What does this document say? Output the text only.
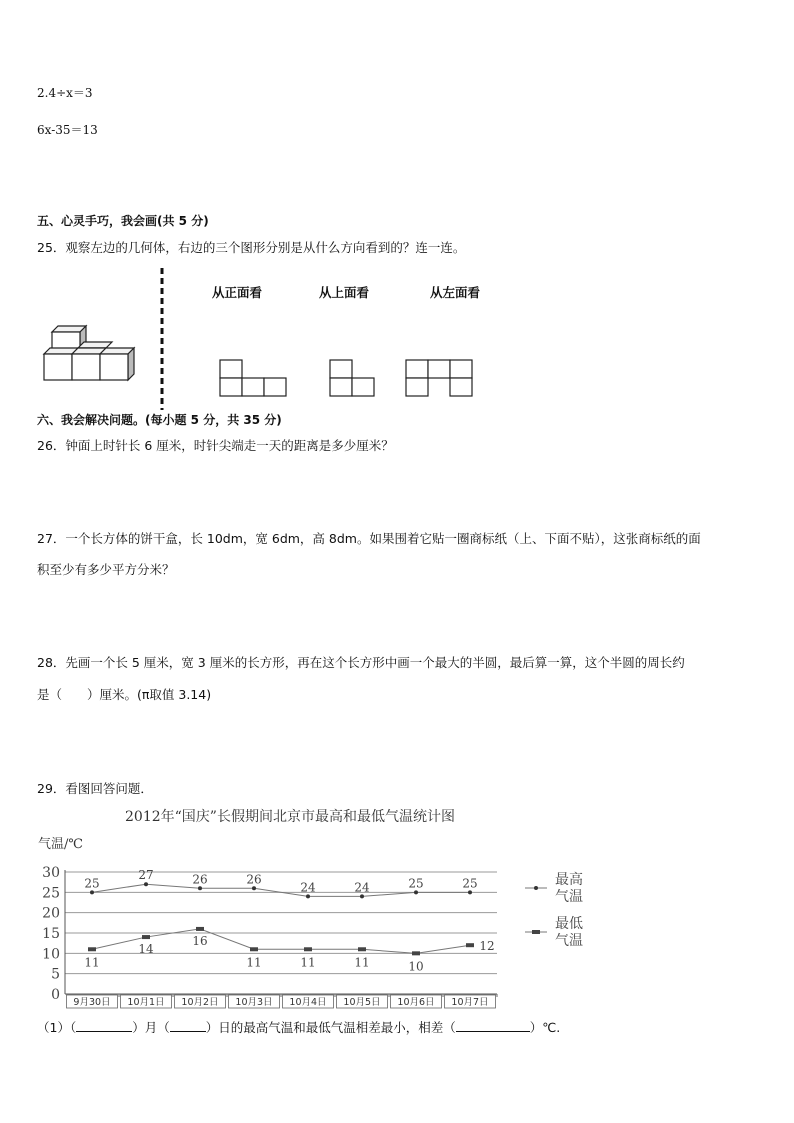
2.4÷x＝3
6x-35＝13
五、心灵手巧，我会画(共 5 分)
25．观察左边的几何体，右边的三个图形分别是从什么方向看到的？连一连。
从正面看	从上面看	从左面看
六、我会解决问题。(每小题 5 分，共 35 分)
26．钟面上时针长 6 厘米，时针尖端走一天的距离是多少厘米？
27．一个长方体的饼干盒，长 10dm，宽 6dm，高 8dm。如果围着它贴一圈商标纸（上、下面不贴），这张商标纸的面
积至少有多少平方分米？
28．先画一个长 5 厘米，宽 3 厘米的长方形，再在这个长方形中画一个最大的半圆，最后算一算，这个半圆的周长约
是（　　）厘米。(π取值 3.14)
29．看图回答问题．
2012年“国庆”长假期间北京市最高和最低气温统计图
气温/℃
0
5
10
15
20
25
30
9月30日 10月1日 10月2日 10月3日 10月4日 10月5日 10月6日 10月7日
25
27	26	26
24	24	25	25	最高
气温
11
14
16
11	11	11	10
12
最低
气温
（1）（	）月（	）日的最高气温和最低气温相差最小，相差（	）℃.
